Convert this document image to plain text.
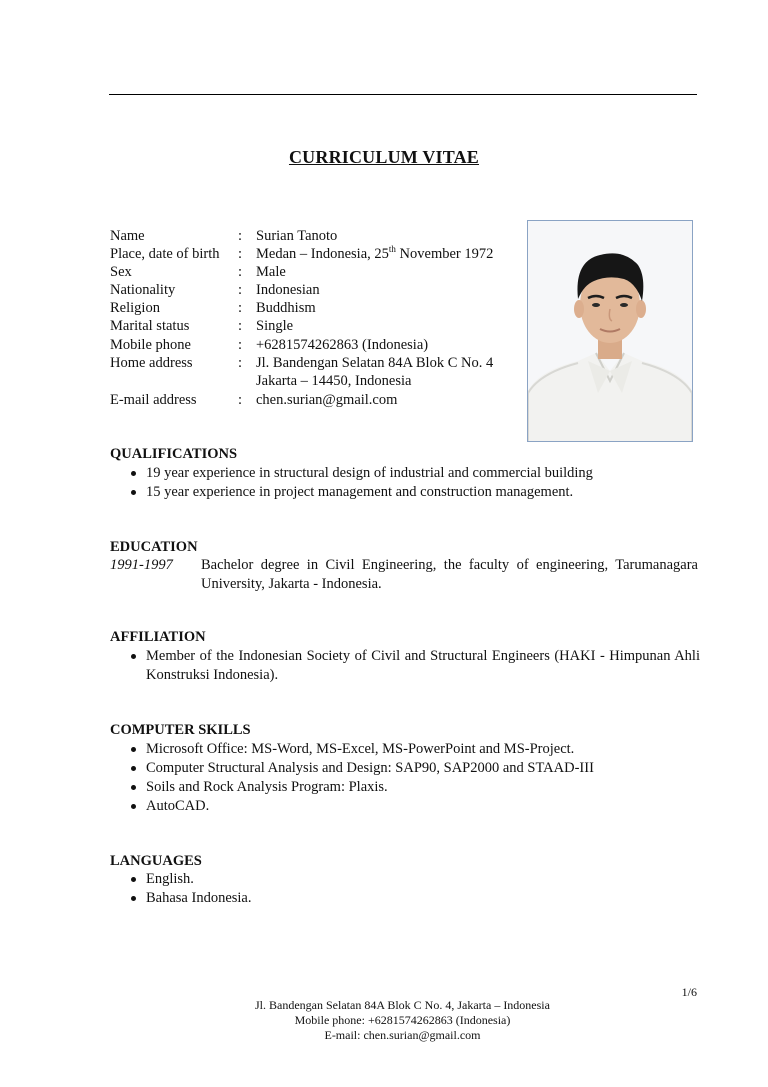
CURRICULUM VITAE
Name	: Surian Tanoto
Place, date of birth : Medan – Indonesia, 25th November 1972
Sex	: Male
Nationality	: Indonesian
Religion	: Buddhism
Marital status	: Single
Mobile phone	: +6281574262863 (Indonesia)
Home address	: Jl. Bandengan Selatan 84A Blok C No. 4
Jakarta – 14450, Indonesia
E-mail address	: chen.surian@gmail.com
QUALIFICATIONS
19 year experience in structural design of industrial and commercial building
15 year experience in project management and construction management.
EDUCATION
1991-1997 Bachelor degree in Civil Engineering, the faculty of engineering, Tarumanagara University, Jakarta - Indonesia.
AFFILIATION
Member of the Indonesian Society of Civil and Structural Engineers (HAKI - Himpunan Ahli Konstruksi Indonesia).
COMPUTER SKILLS
Microsoft Office: MS-Word, MS-Excel, MS-PowerPoint and MS-Project.
Computer Structural Analysis and Design: SAP90, SAP2000 and STAAD-III
Soils and Rock Analysis Program: Plaxis.
AutoCAD.
LANGUAGES
English.
Bahasa Indonesia.
1/6
Jl. Bandengan Selatan 84A Blok C No. 4, Jakarta – Indonesia
Mobile phone: +6281574262863 (Indonesia)
E-mail: chen.surian@gmail.com
